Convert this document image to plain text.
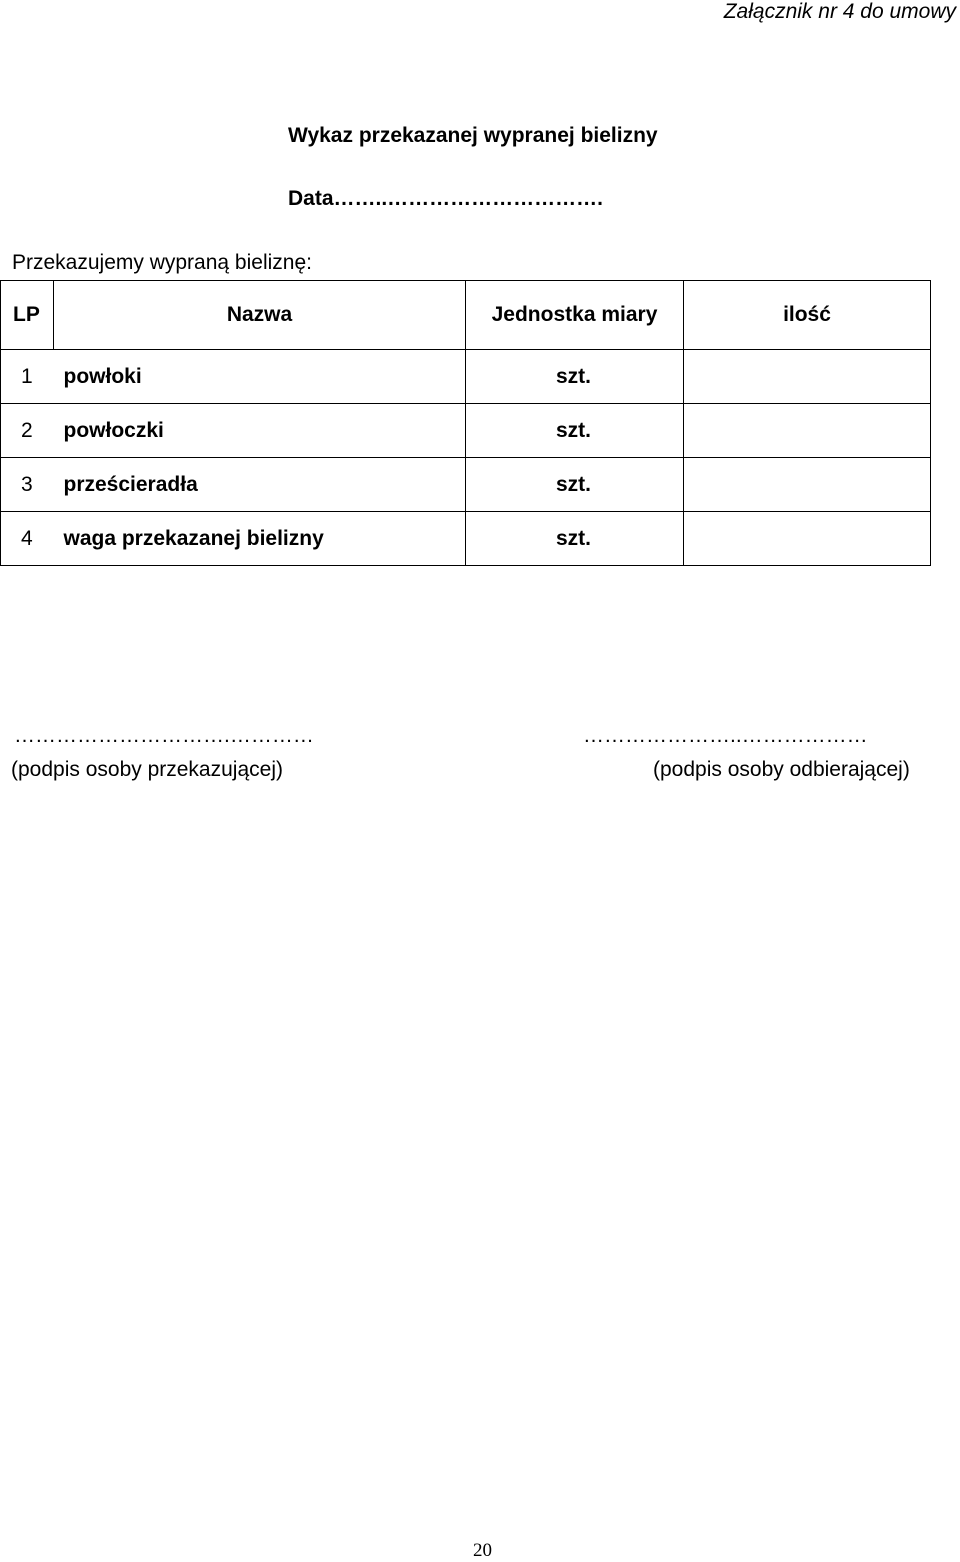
Załącznik nr 4 do umowy
Wykaz przekazanej wypranej bielizny
Data……..………………………….
Przekazujemy wypraną bieliznę:
LP	Nazwa	Jednostka miary	ilość
1	powłoki	szt.	
2	powłoczki	szt.	
3	prześcieradła	szt.	
4	waga przekazanej bielizny	szt.	
………………………….…………
(podpis osoby przekazującej)
…………………..………………
(podpis osoby odbierającej)
20
